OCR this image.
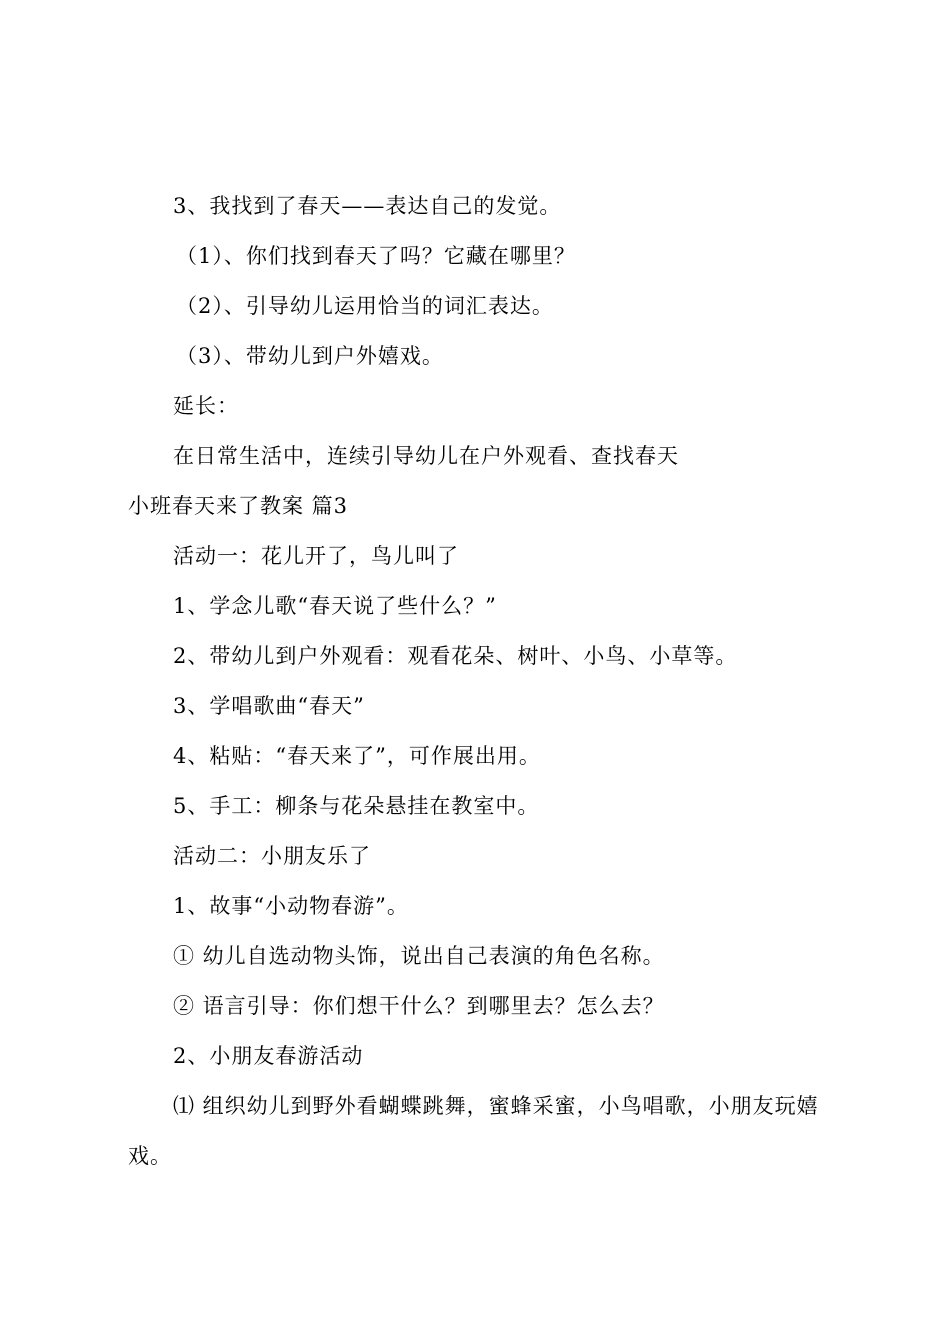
3、我找到了春天——表达自己的发觉。
（1）、你们找到春天了吗？它藏在哪里？
（2）、引导幼儿运用恰当的词汇表达。
（3）、带幼儿到户外嬉戏。
延长：
在日常生活中，连续引导幼儿在户外观看、查找春天
小班春天来了教案 篇3
活动一：花儿开了，鸟儿叫了
1、学念儿歌“春天说了些什么？”
2、带幼儿到户外观看：观看花朵、树叶、小鸟、小草等。
3、学唱歌曲“春天”
4、粘贴：“春天来了”，可作展出用。
5、手工：柳条与花朵悬挂在教室中。
活动二：小朋友乐了
1、故事“小动物春游”。
① 幼儿自选动物头饰，说出自己表演的角色名称。
② 语言引导：你们想干什么？到哪里去？怎么去？
2、小朋友春游活动
⑴ 组织幼儿到野外看蝴蝶跳舞，蜜蜂采蜜，小鸟唱歌，小朋友玩嬉
戏。
